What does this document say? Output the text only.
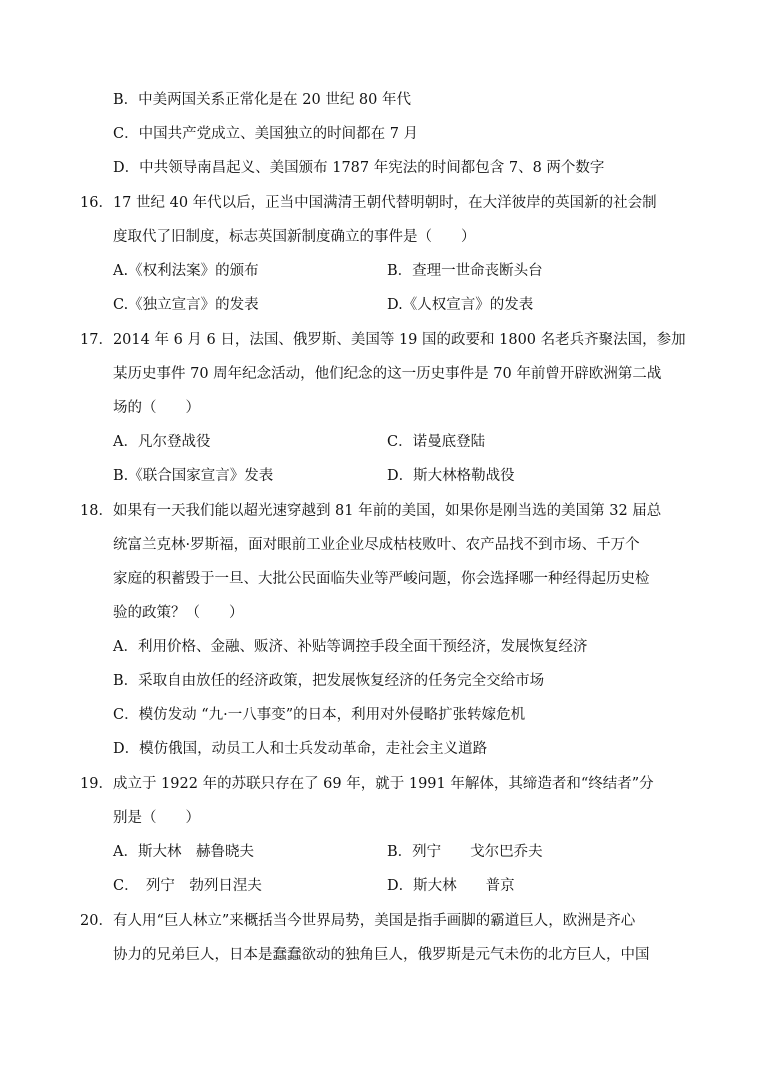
B．中美两国关系正常化是在 20 世纪 80 年代
C．中国共产党成立、美国独立的时间都在 7 月
D．中共领导南昌起义、美国颁布 1787 年宪法的时间都包含 7、8 两个数字
16．17 世纪 40 年代以后，正当中国满清王朝代替明朝时，在大洋彼岸的英国新的社会制
度取代了旧制度，标志英国新制度确立的事件是（　　）
A.《权利法案》的颁布	B．查理一世命丧断头台
C.《独立宣言》的发表	D.《人权宣言》的发表
17．2014 年 6 月 6 日，法国、俄罗斯、美国等 19 国的政要和 1800 名老兵齐聚法国，参加
某历史事件 70 周年纪念活动，他们纪念的这一历史事件是 70 年前曾开辟欧洲第二战
场的（　　）
A．凡尔登战役	C．诺曼底登陆
B.《联合国家宣言》发表	D．斯大林格勒战役
18．如果有一天我们能以超光速穿越到 81 年前的美国，如果你是刚当选的美国第 32 届总
统富兰克林·罗斯福，面对眼前工业企业尽成枯枝败叶、农产品找不到市场、千万个
家庭的积蓄毁于一旦、大批公民面临失业等严峻问题，你会选择哪一种经得起历史检
验的政策？（　　）
A．利用价格、金融、贩济、补贴等调控手段全面干预经济，发展恢复经济
B．采取自由放任的经济政策，把发展恢复经济的任务完全交给市场
C．模仿发动 “九·一八事变”的日本，利用对外侵略扩张转嫁危机
D．模仿俄国，动员工人和士兵发动革命，走社会主义道路
19．成立于 1922 年的苏联只存在了 69 年，就于 1991 年解体，其缔造者和“终结者”分
别是（　　）
A．斯大林　赫鲁晓夫	B．列宁　　戈尔巴乔夫
C．　列宁　勃列日涅夫	D．斯大林　　普京
20．有人用“巨人林立”来概括当今世界局势，美国是指手画脚的霸道巨人，欧洲是齐心
协力的兄弟巨人，日本是蠢蠢欲动的独角巨人，俄罗斯是元气未伤的北方巨人，中国
